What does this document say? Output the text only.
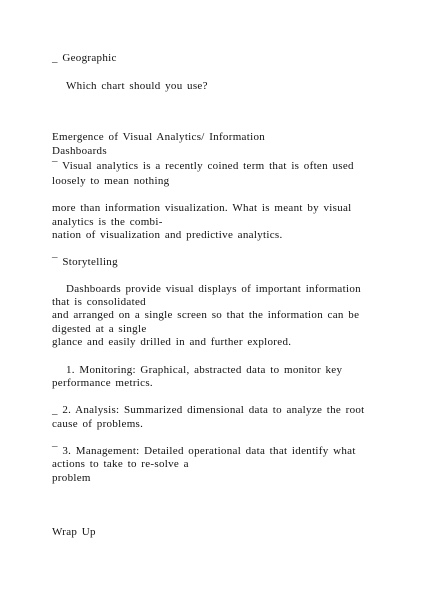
_ Geographic
Which chart should you use?
Emergence of Visual Analytics/ Information
Dashboards
¯ Visual analytics is a recently coined term that is often used
loosely to mean nothing
more than information visualization. What is meant by visual
analytics is the combi-
nation of visualization and predictive analytics.
¯ Storytelling
Dashboards provide visual displays of important information
that is consolidated
and arranged on a single screen so that the information can be
digested at a single
glance and easily drilled in and further explored.
1. Monitoring: Graphical, abstracted data to monitor key
performance metrics.
_ 2. Analysis: Summarized dimensional data to analyze the root
cause of problems.
¯ 3. Management: Detailed operational data that identify what
actions to take to re-solve a
problem
Wrap Up
